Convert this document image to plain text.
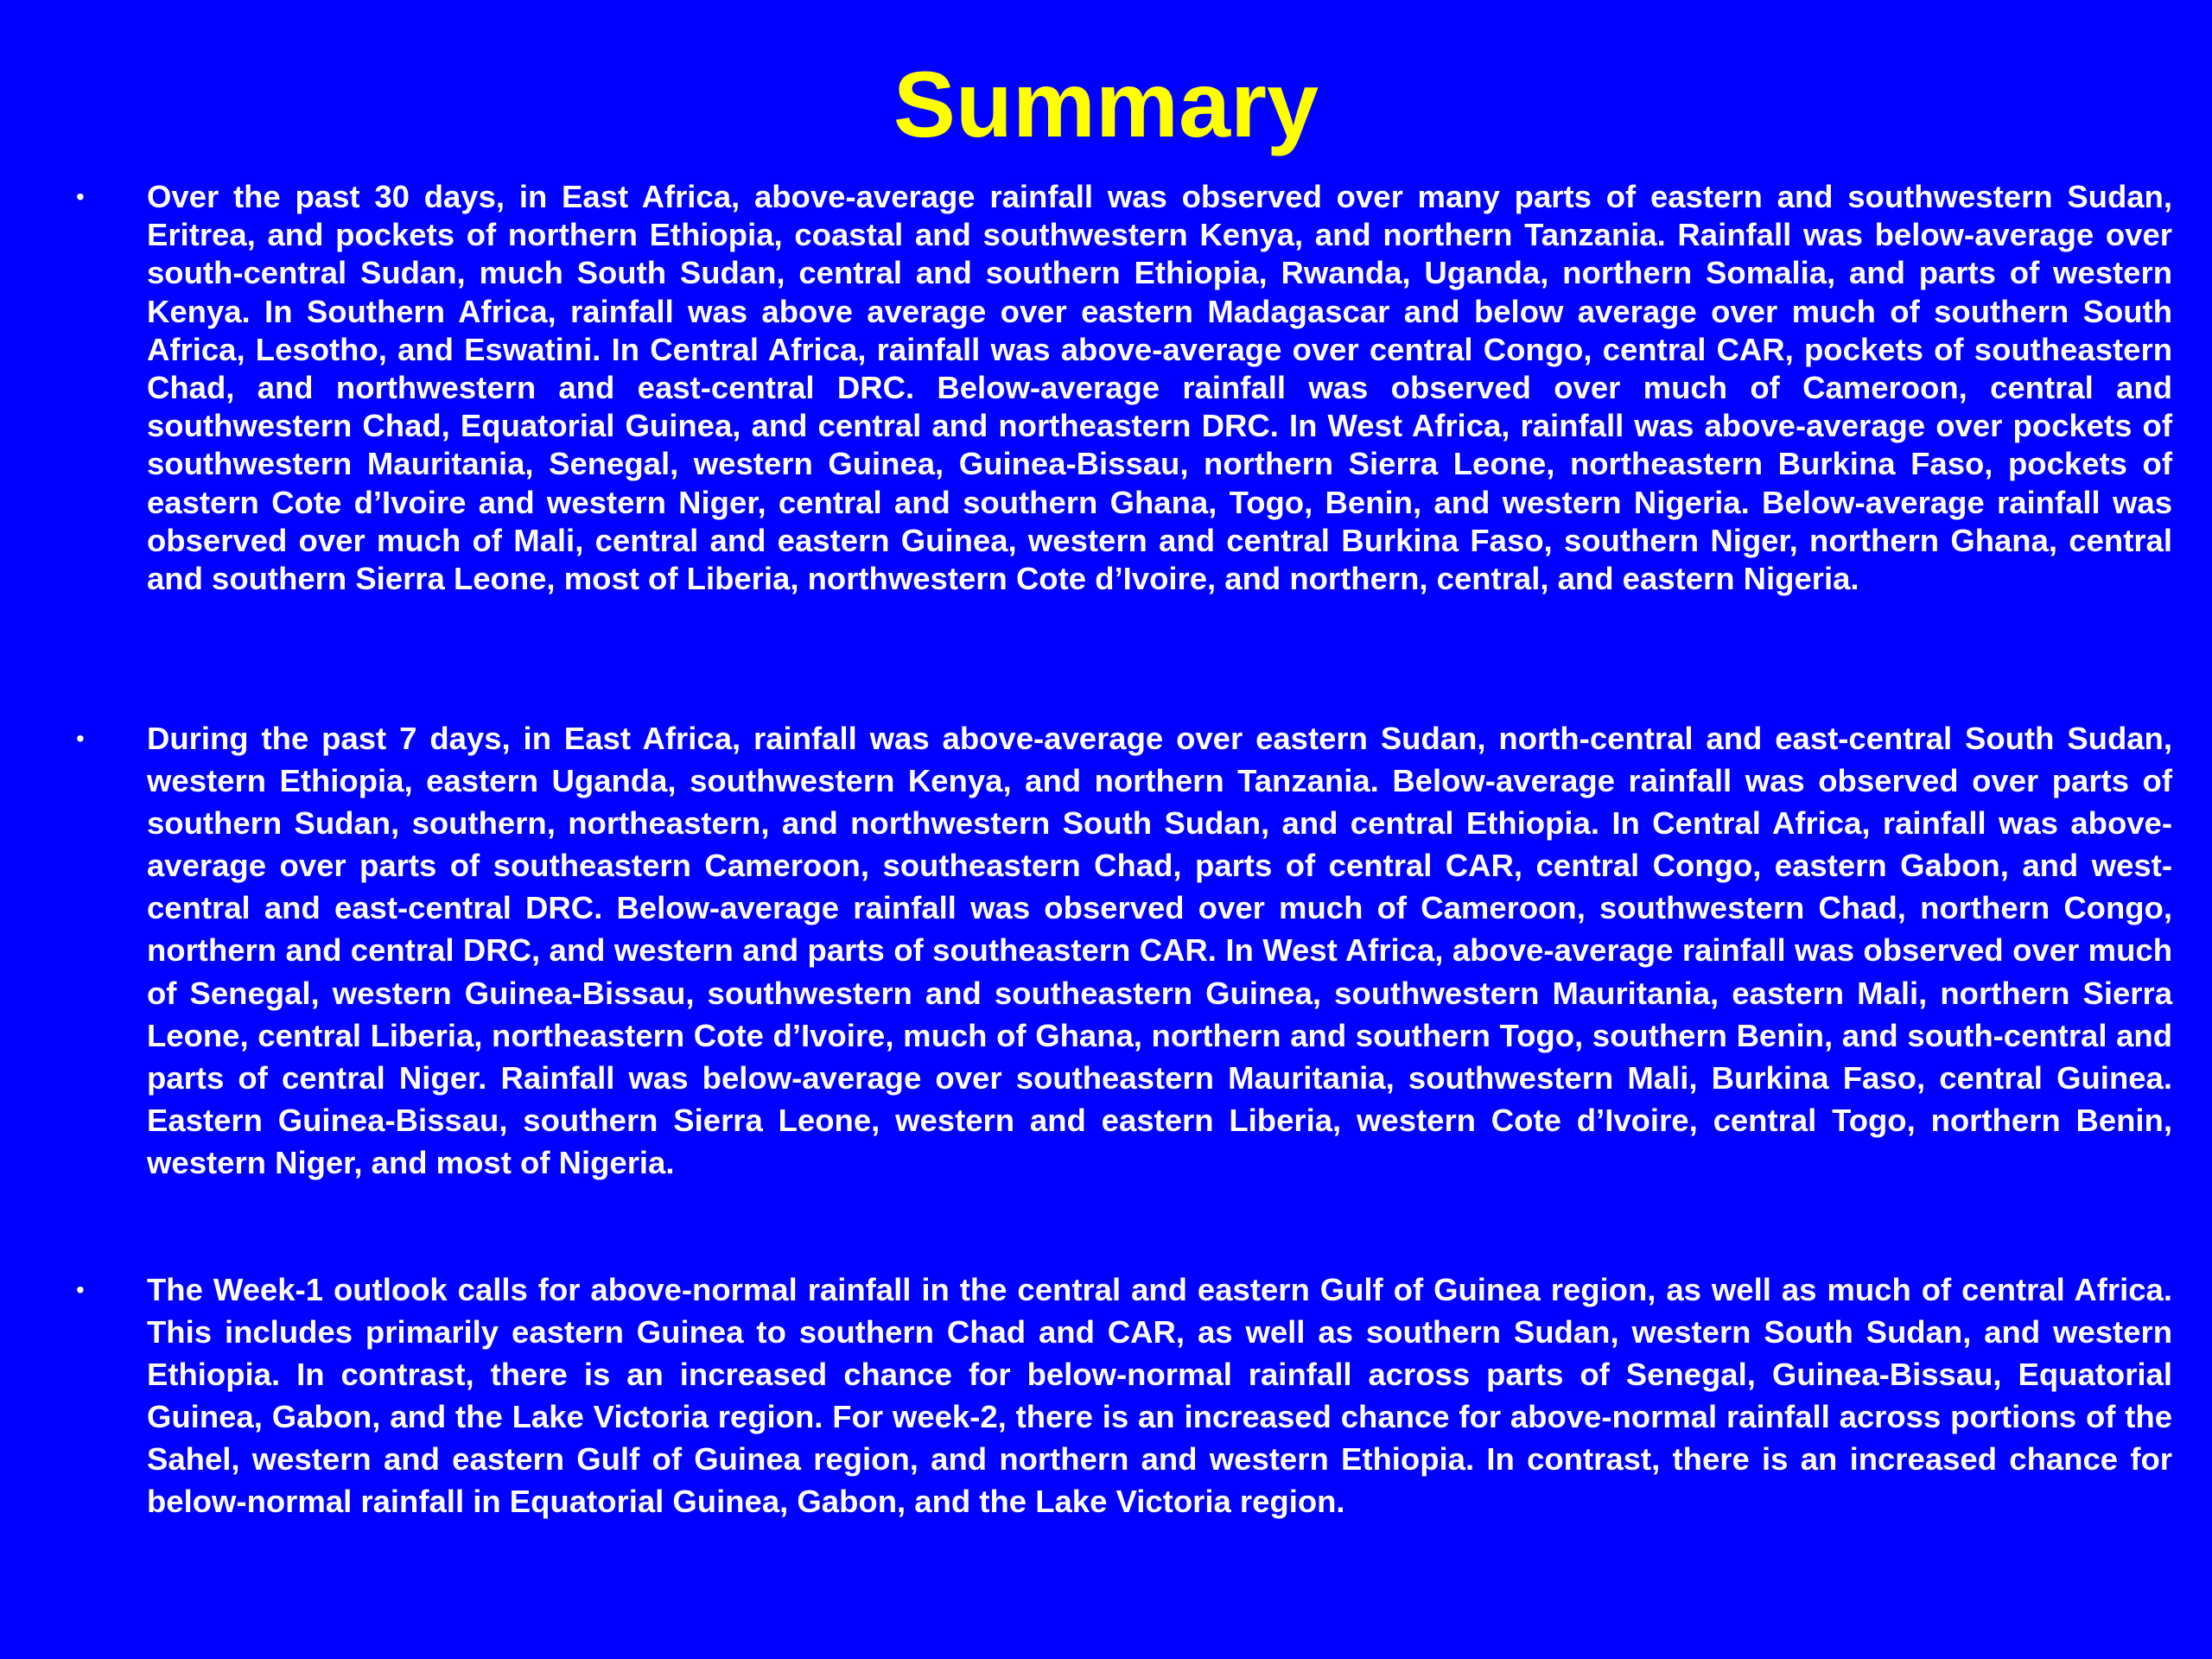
Summary
• Over the past 30 days, in East Africa, above-average rainfall was observed over many parts of eastern and southwestern Sudan, Eritrea, and pockets of northern Ethiopia, coastal and southwestern Kenya, and northern Tanzania. Rainfall was below-average over south-central Sudan, much South Sudan, central and southern Ethiopia, Rwanda, Uganda, northern Somalia, and parts of western Kenya. In Southern Africa, rainfall was above average over eastern Madagascar and below average over much of southern South Africa, Lesotho, and Eswatini. In Central Africa, rainfall was above-average over central Congo, central CAR, pockets of southeastern Chad, and northwestern and east-central DRC. Below-average rainfall was observed over much of Cameroon, central and southwestern Chad, Equatorial Guinea, and central and northeastern DRC. In West Africa, rainfall was above-average over pockets of southwestern Mauritania, Senegal, western Guinea, Guinea-Bissau, northern Sierra Leone, northeastern Burkina Faso, pockets of eastern Cote d’Ivoire and western Niger, central and southern Ghana, Togo, Benin, and western Nigeria. Below-average rainfall was observed over much of Mali, central and eastern Guinea, western and central Burkina Faso, southern Niger, northern Ghana, central and southern Sierra Leone, most of Liberia, northwestern Cote d’Ivoire, and northern, central, and eastern Nigeria.

• During the past 7 days, in East Africa, rainfall was above-average over eastern Sudan, north-central and east-central South Sudan, western Ethiopia, eastern Uganda, southwestern Kenya, and northern Tanzania. Below-average rainfall was observed over parts of southern Sudan, southern, northeastern, and northwestern South Sudan, and central Ethiopia. In Central Africa, rainfall was above-average over parts of southeastern Cameroon, southeastern Chad, parts of central CAR, central Congo, eastern Gabon, and west-central and east-central DRC. Below-average rainfall was observed over much of Cameroon, southwestern Chad, northern Congo, northern and central DRC, and western and parts of southeastern CAR. In West Africa, above-average rainfall was observed over much of Senegal, western Guinea-Bissau, southwestern and southeastern Guinea, southwestern Mauritania, eastern Mali, northern Sierra Leone, central Liberia, northeastern Cote d’Ivoire, much of Ghana, northern and southern Togo, southern Benin, and south-central and parts of central Niger. Rainfall was below-average over southeastern Mauritania, southwestern Mali, Burkina Faso, central Guinea. Eastern Guinea-Bissau, southern Sierra Leone, western and eastern Liberia, western Cote d’Ivoire, central Togo, northern Benin, western Niger, and most of Nigeria.

• The Week-1 outlook calls for above-normal rainfall in the central and eastern Gulf of Guinea region, as well as much of central Africa. This includes primarily eastern Guinea to southern Chad and CAR, as well as southern Sudan, western South Sudan, and western Ethiopia. In contrast, there is an increased chance for below-normal rainfall across parts of Senegal, Guinea-Bissau, Equatorial Guinea, Gabon, and the Lake Victoria region. For week-2, there is an increased chance for above-normal rainfall across portions of the Sahel, western and eastern Gulf of Guinea region, and northern and western Ethiopia. In contrast, there is an increased chance for below-normal rainfall in Equatorial Guinea, Gabon, and the Lake Victoria region.
